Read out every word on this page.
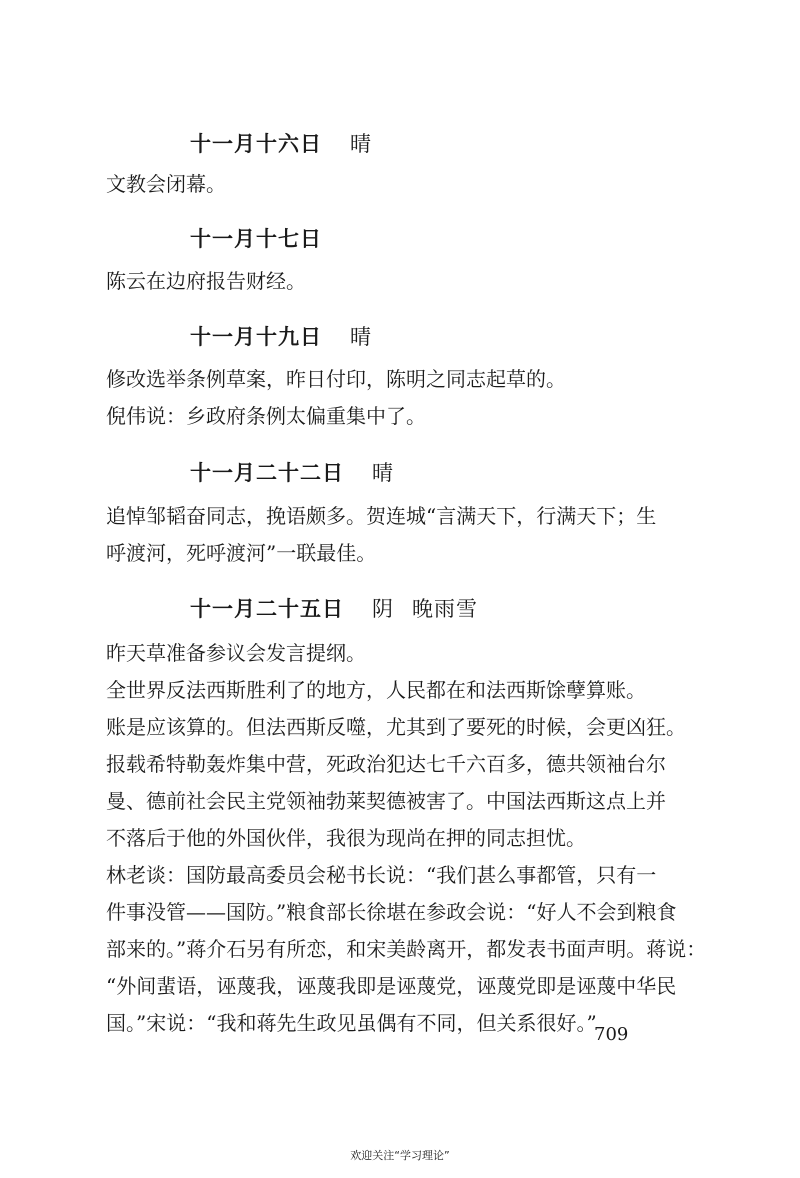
十一月十六日 晴

文教会闭幕。

十一月十七日

陈云在边府报告财经。

十一月十九日 晴

修改选举条例草案，昨日付印，陈明之同志起草的。

倪伟说：乡政府条例太偏重集中了。

十一月二十二日 晴

追悼邹韬奋同志，挽语颇多。贺连城“言满天下，行满天下；生

呼渡河，死呼渡河”一联最佳。

十一月二十五日 阴 晚雨雪

昨天草准备参议会发言提纲。

全世界反法西斯胜利了的地方，人民都在和法西斯馀孽算账。

账是应该算的。但法西斯反噬，尤其到了要死的时候，会更凶狂。

报载希特勒轰炸集中营，死政治犯达七千六百多，德共领袖台尔

曼、德前社会民主党领袖勃莱契德被害了。中国法西斯这点上并

不落后于他的外国伙伴，我很为现尚在押的同志担忧。

林老谈：国防最高委员会秘书长说：“我们甚么事都管，只有一

件事没管——国防。”粮食部长徐堪在参政会说：“好人不会到粮食

部来的。”蒋介石另有所恋，和宋美龄离开，都发表书面声明。蒋说：

“外间蜚语，诬蔑我，诬蔑我即是诬蔑党，诬蔑党即是诬蔑中华民

国。”宋说：“我和蒋先生政见虽偶有不同，但关系很好。”

709
欢迎关注“学习理论”
